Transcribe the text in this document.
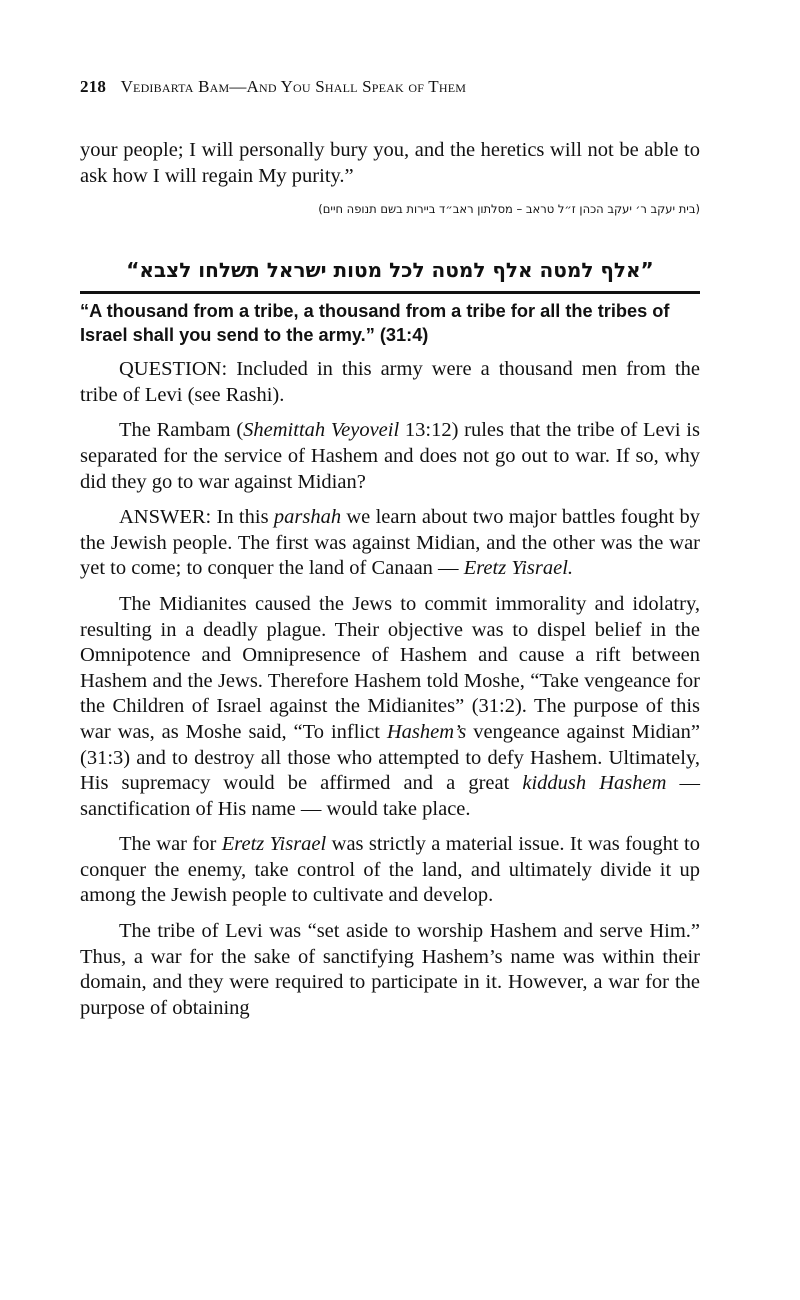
218 Vedibarta Bam—And You Shall Speak of Them

your people; I will personally bury you, and the heretics will not be able to ask how I will regain My purity.”

(בית יעקב ר׳ יעקב הכהן ז״ל טראב – מסלתון ראב״ד ביירות בשם תנופה חיים)
”אלף למטה אלף למטה לכל מטות ישראל תשלחו לצבא“
“A thousand from a tribe, a thousand from a tribe for all the tribes of Israel shall you send to the army.” (31:4)

QUESTION: Included in this army were a thousand men from the tribe of Levi (see Rashi).

The Rambam (Shemittah Veyoveil 13:12) rules that the tribe of Levi is separated for the service of Hashem and does not go out to war. If so, why did they go to war against Midian?

ANSWER: In this parshah we learn about two major battles fought by the Jewish people. The first was against Midian, and the other was the war yet to come; to conquer the land of Canaan — Eretz Yisrael.

The Midianites caused the Jews to commit immorality and idolatry, resulting in a deadly plague. Their objective was to dispel belief in the Omnipotence and Omnipresence of Hashem and cause a rift between Hashem and the Jews. Therefore Hashem told Moshe, “Take vengeance for the Children of Israel against the Midianites” (31:2). The purpose of this war was, as Moshe said, “To inflict Hashem’s vengeance against Midian” (31:3) and to destroy all those who attempted to defy Hashem. Ultimately, His supremacy would be affirmed and a great kiddush Hashem — sanctification of His name — would take place.

The war for Eretz Yisrael was strictly a material issue. It was fought to conquer the enemy, take control of the land, and ultimately divide it up among the Jewish people to cultivate and develop.

The tribe of Levi was “set aside to worship Hashem and serve Him.” Thus, a war for the sake of sanctifying Hashem’s name was within their domain, and they were required to participate in it. However, a war for the purpose of obtaining
